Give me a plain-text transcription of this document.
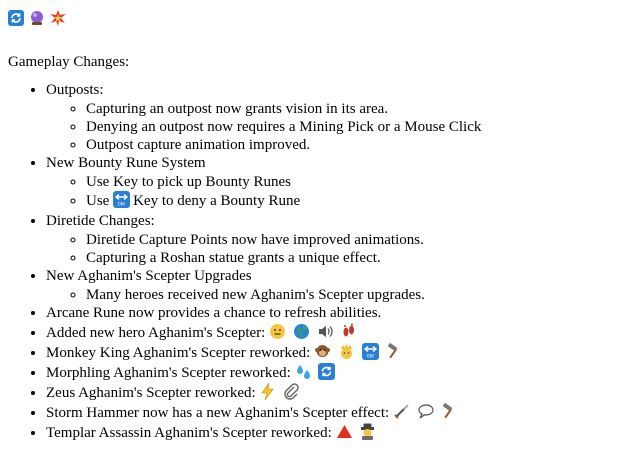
Gameplay Changes:
• Outposts:
◦ Capturing an outpost now grants vision in its area.
◦ Denying an outpost now requires a Mining Pick or a Mouse Click
◦ Outpost capture animation improved.
• New Bounty Rune System
◦ Use Key to pick up Bounty Runes
◦ Use ON! Key to deny a Bounty Rune
• Diretide Changes:
◦ Diretide Capture Points now have improved animations.
◦ Capturing a Roshan statue grants a unique effect.
• New Aghanim's Scepter Upgrades
◦ Many heroes received new Aghanim's Scepter upgrades.
• Arcane Rune now provides a chance to refresh abilities.
• Added new hero Aghanim's Scepter:

• Monkey King Aghanim's Scepter reworked:

	ON!

• Morphling Aghanim's Scepter reworked:

• Zeus Aghanim's Scepter reworked:

• Storm Hammer now has a new Aghanim's Scepter effect:

• Templar Assassin Aghanim's Scepter reworked:
